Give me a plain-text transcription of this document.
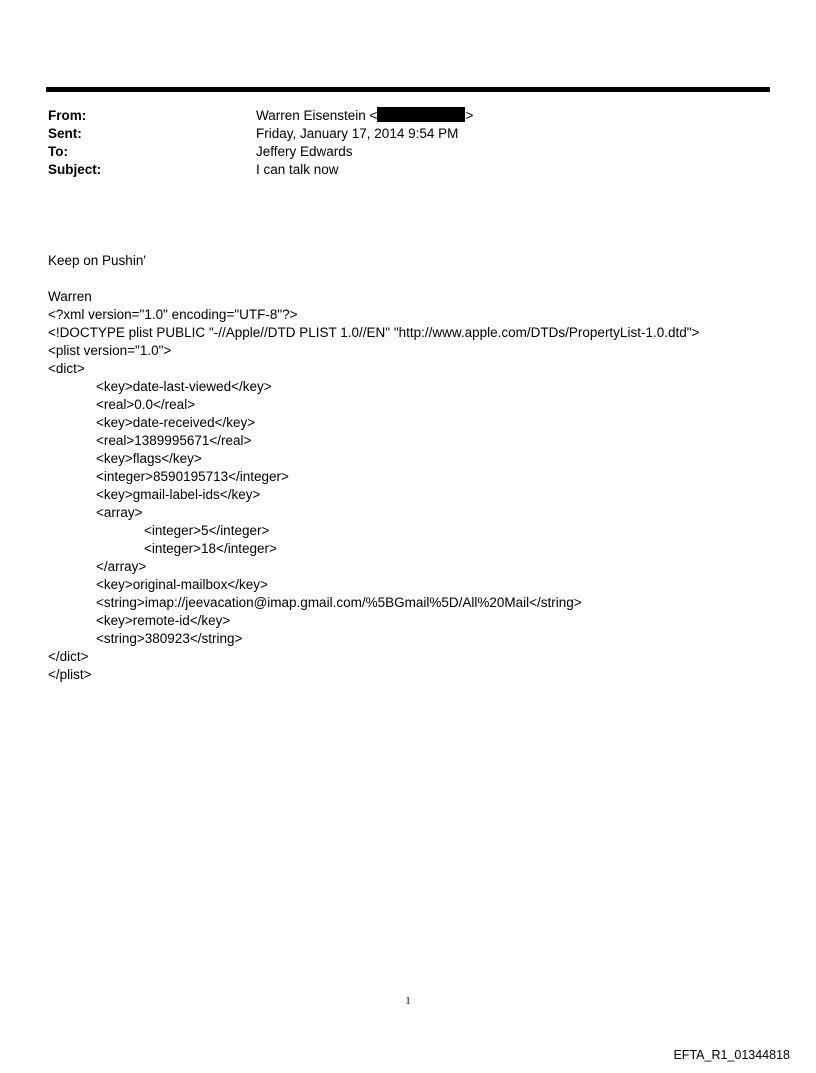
From:	Warren Eisenstein <	>
Sent:	Friday, January 17, 2014 9:54 PM
To:	Jeffery Edwards
Subject:	I can talk now
Keep on Pushin'
Warren
<?xml version="1.0" encoding="UTF-8"?>
<!DOCTYPE plist PUBLIC "-//Apple//DTD PLIST 1.0//EN" "http://www.apple.com/DTDs/PropertyList-1.0.dtd">
<plist version="1.0">
<dict>
<key>date-last-viewed</key>
<real>0.0</real>
<key>date-received</key>
<real>1389995671</real>
<key>flags</key>
<integer>8590195713</integer>
<key>gmail-label-ids</key>
<array>
<integer>5</integer>
<integer>18</integer>
</array>
<key>original-mailbox</key>
<string>imap://jeevacation@imap.gmail.com/%5BGmail%5D/All%20Mail</string>
<key>remote-id</key>
<string>380923</string>
</dict>
</plist>
1
EFTA_R1_01344818
